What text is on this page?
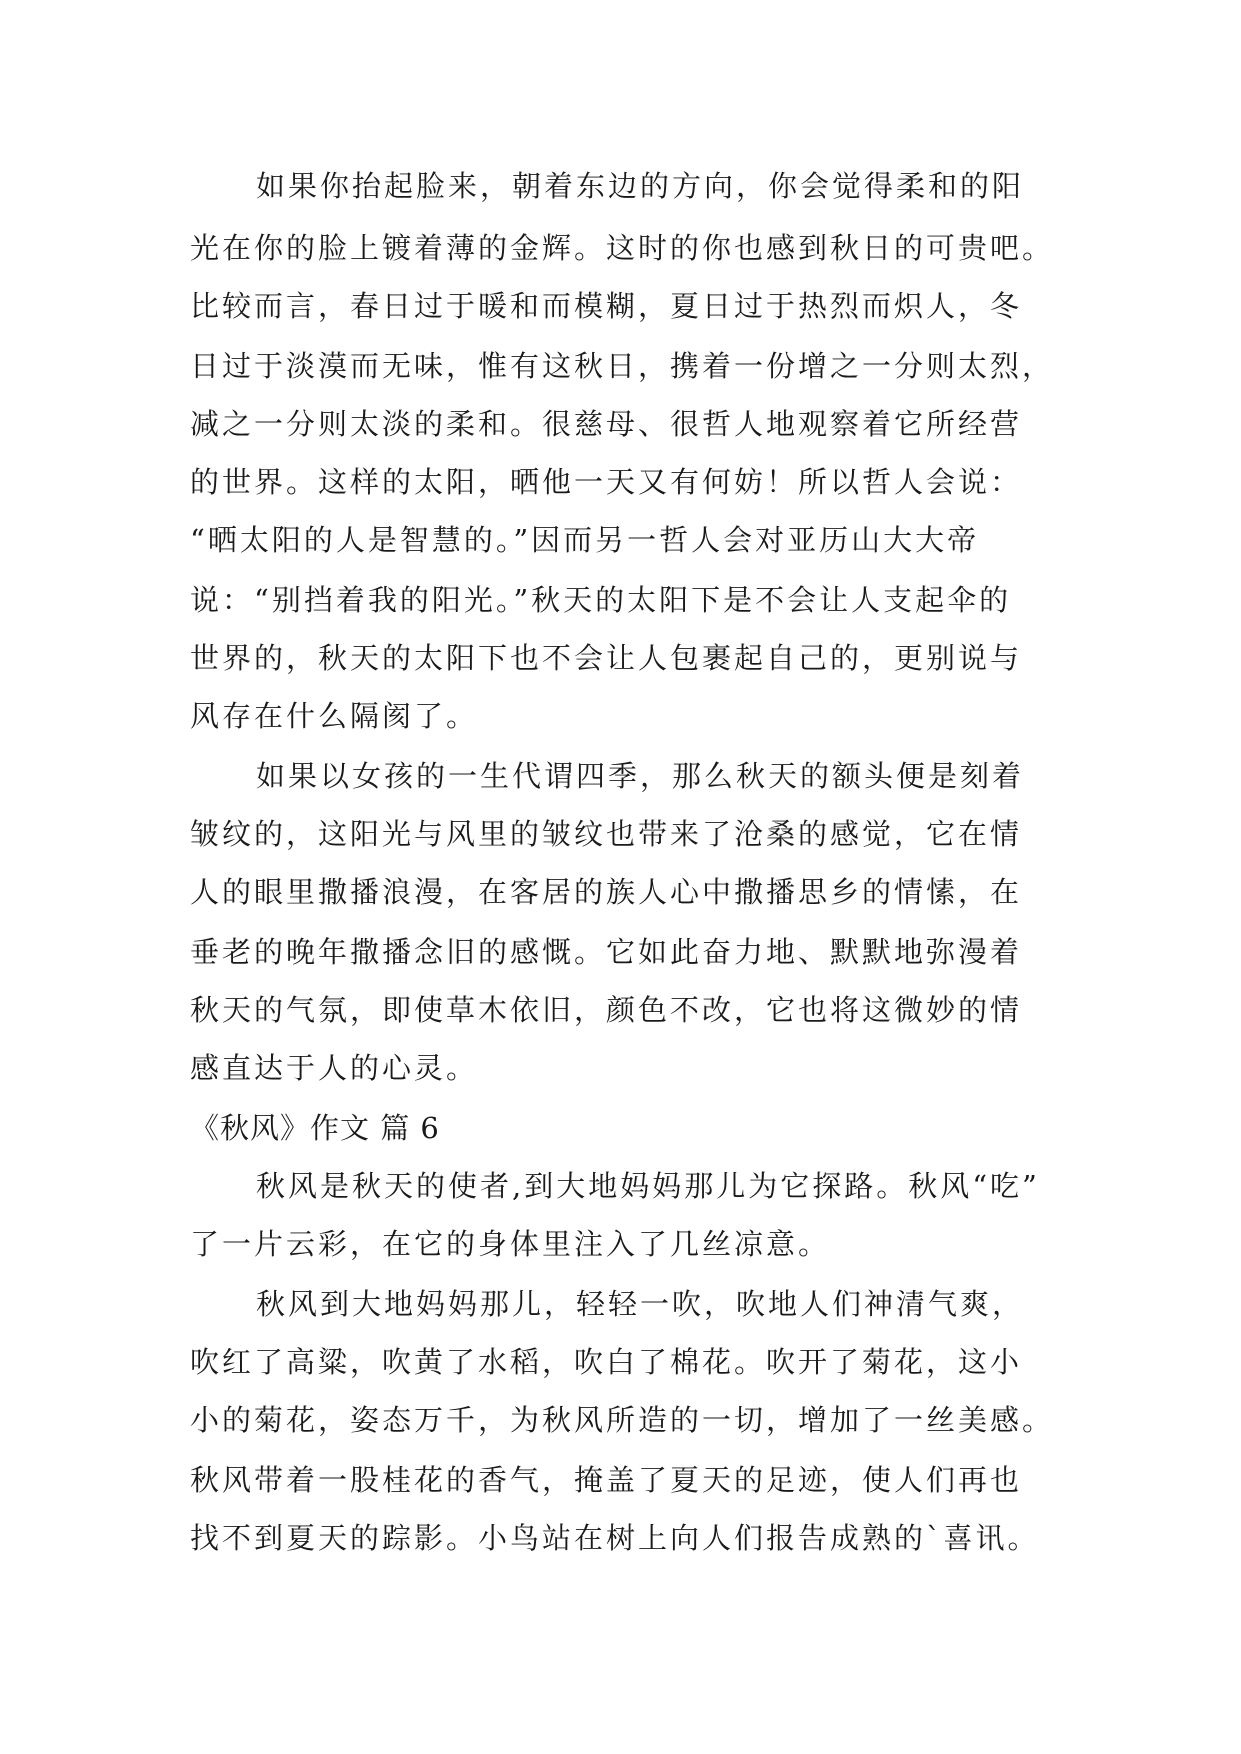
如果你抬起脸来，朝着东边的方向，你会觉得柔和的阳
光在你的脸上镀着薄的金辉。这时的你也感到秋日的可贵吧。
比较而言，春日过于暖和而模糊，夏日过于热烈而炽人，冬
日过于淡漠而无味，惟有这秋日，携着一份增之一分则太烈，
减之一分则太淡的柔和。很慈母、很哲人地观察着它所经营
的世界。这样的太阳，晒他一天又有何妨！所以哲人会说：
“晒太阳的人是智慧的。”因而另一哲人会对亚历山大大帝
说：“别挡着我的阳光。”秋天的太阳下是不会让人支起伞的
世界的，秋天的太阳下也不会让人包裹起自己的，更别说与
风存在什么隔阂了。
如果以女孩的一生代谓四季，那么秋天的额头便是刻着
皱纹的，这阳光与风里的皱纹也带来了沧桑的感觉，它在情
人的眼里撒播浪漫，在客居的族人心中撒播思乡的情愫，在
垂老的晚年撒播念旧的感慨。它如此奋力地、默默地弥漫着
秋天的气氛，即使草木依旧，颜色不改，它也将这微妙的情
感直达于人的心灵。
《秋风》作文 篇 6
秋风是秋天的使者,到大地妈妈那儿为它探路。秋风“吃”
了一片云彩，在它的身体里注入了几丝凉意。
秋风到大地妈妈那儿，轻轻一吹，吹地人们神清气爽，
吹红了高粱，吹黄了水稻，吹白了棉花。吹开了菊花，这小
小的菊花，姿态万千，为秋风所造的一切，增加了一丝美感。
秋风带着一股桂花的香气，掩盖了夏天的足迹，使人们再也
找不到夏天的踪影。小鸟站在树上向人们报告成熟的`喜讯。
